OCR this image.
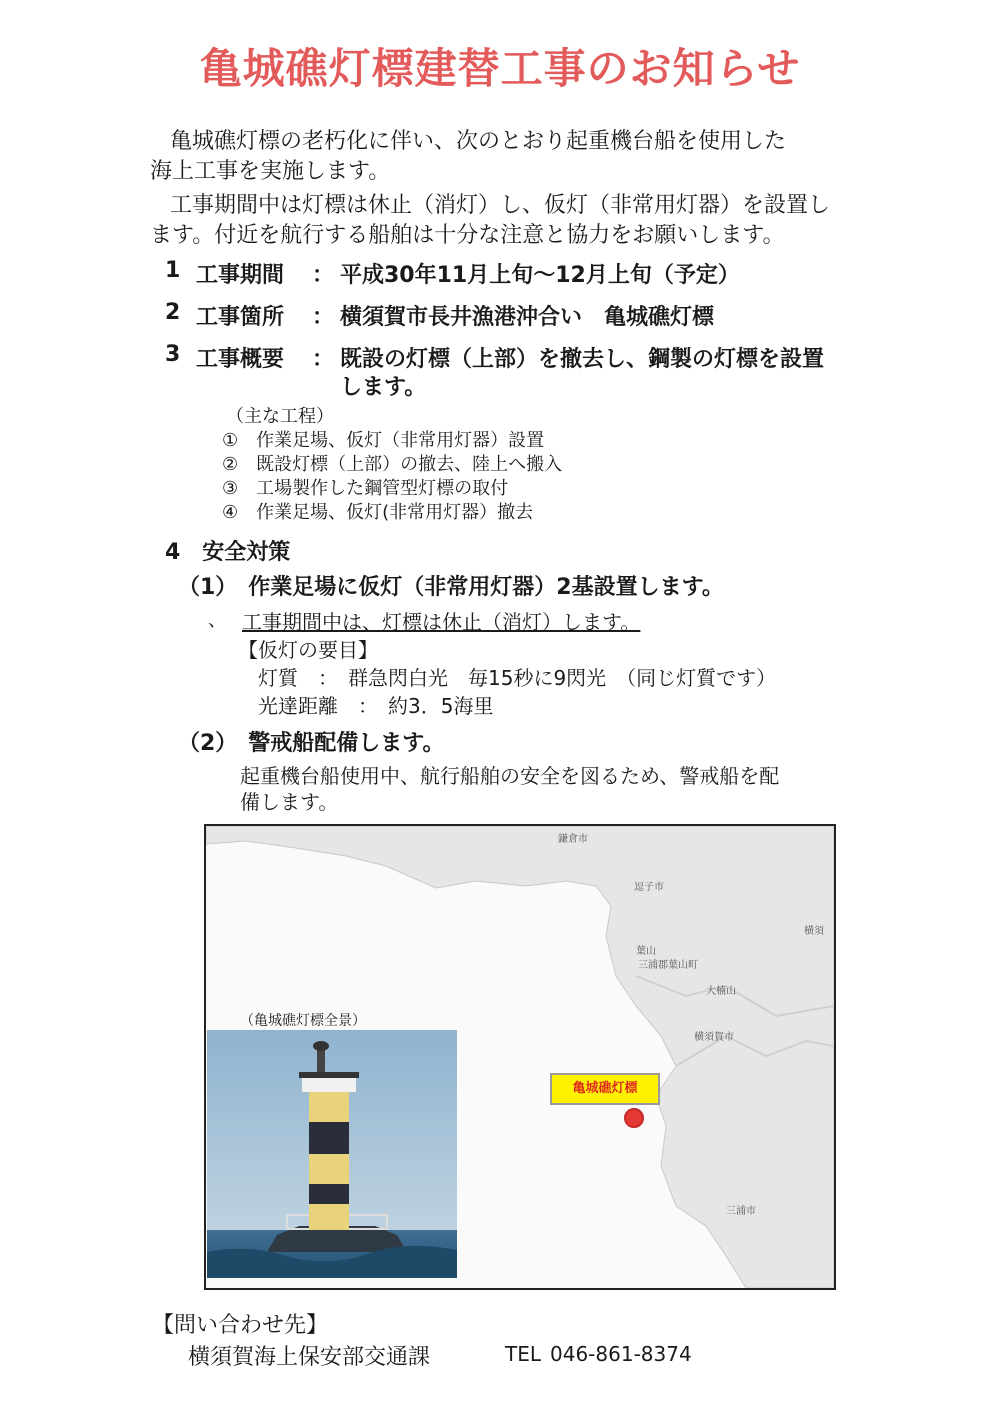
亀城礁灯標建替工事のお知らせ
亀城礁灯標の老朽化に伴い、次のとおり起重機台船を使用した
海上工事を実施します。
工事期間中は灯標は休止（消灯）し、仮灯（非常用灯器）を設置し
ます。付近を航行する船舶は十分な注意と協力をお願いします。
1 工事期間 ： 平成30年11月上旬〜12月上旬（予定）
2 工事箇所 ： 横須賀市長井漁港沖合い　亀城礁灯標
3 工事概要 ： 既設の灯標（上部）を撤去し、鋼製の灯標を設置
します。
（主な工程）
①　作業足場、仮灯（非常用灯器）設置
②　既設灯標（上部）の撤去、陸上へ搬入
③　工場製作した鋼管型灯標の取付
④　作業足場、仮灯(非常用灯器）撤去
4　安全対策
（1）　作業足場に仮灯（非常用灯器）2基設置します。
、 工事期間中は、灯標は休止（消灯）します。
【仮灯の要目】
灯質　：　群急閃白光　毎15秒に9閃光　（同じ灯質です）
光達距離　：　約3．5海里
（2）　警戒船配備します。
起重機台船使用中、航行船舶の安全を図るため、警戒船を配
備します。
鎌倉市
逗子市
葉山
三浦郡葉山町
大楠山
横須賀市
三浦市
横須
（亀城礁灯標全景）
亀城礁灯標
【問い合わせ先】
横須賀海上保安部交通課	TEL 046-861-8374
